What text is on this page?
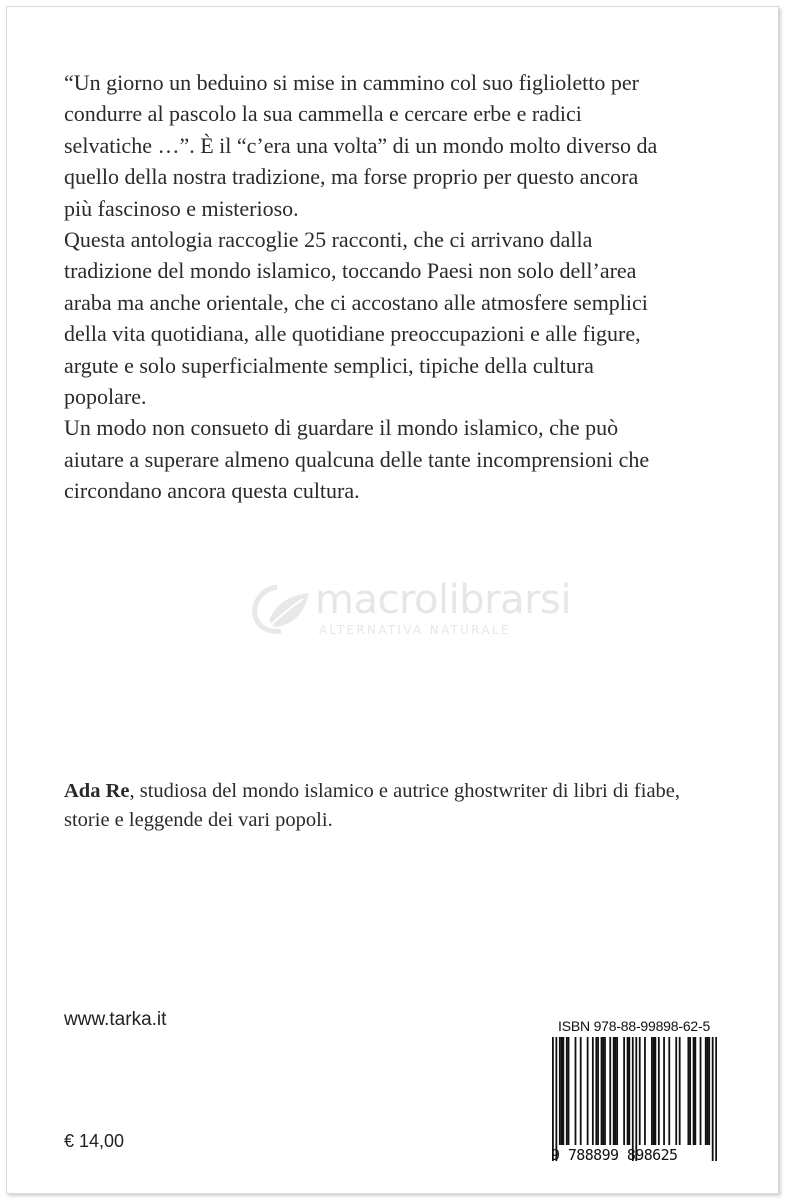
“Un giorno un beduino si mise in cammino col suo figlioletto per

condurre al pascolo la sua cammella e cercare erbe e radici

selvatiche …”. È il “c’era una volta” di un mondo molto diverso da

quello della nostra tradizione, ma forse proprio per questo ancora

più fascinoso e misterioso.

Questa antologia raccoglie 25 racconti, che ci arrivano dalla

tradizione del mondo islamico, toccando Paesi non solo dell’area

araba ma anche orientale, che ci accostano alle atmosfere semplici

della vita quotidiana, alle quotidiane preoccupazioni e alle figure,

argute e solo superficialmente semplici, tipiche della cultura

popolare.

Un modo non consueto di guardare il mondo islamico, che può

aiutare a superare almeno qualcuna delle tante incomprensioni che

circondano ancora questa cultura.

macrolibrarsi
ALTERNATIVA NATURALE

Ada Re, studiosa del mondo islamico e autrice ghostwriter di libri di fiabe,

storie e leggende dei vari popoli.

www.tarka.it
€ 14,00
ISBN 978-88-99898-62-5
9 788899 898625
